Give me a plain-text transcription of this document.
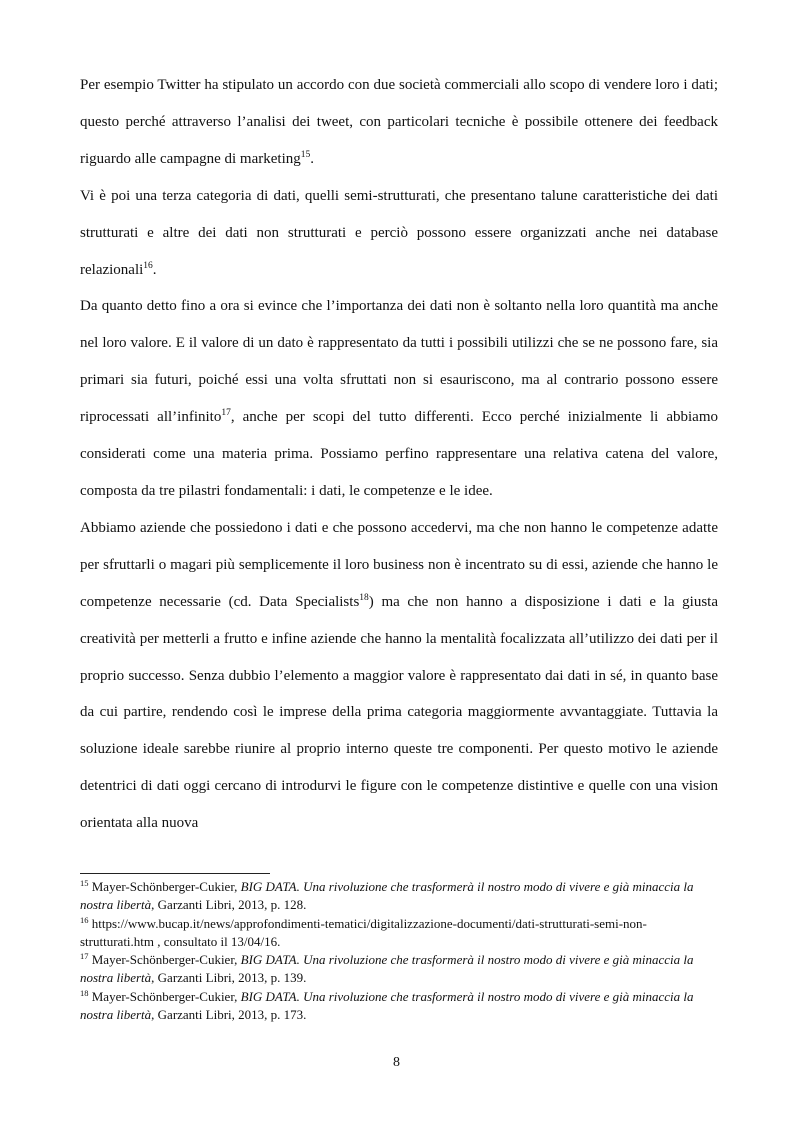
Per esempio Twitter ha stipulato un accordo con due società commerciali allo scopo di vendere loro i dati; questo perché attraverso l’analisi dei tweet, con particolari tecniche è possibile ottenere dei feedback riguardo alle campagne di marketing$^{15}$.

Vi è poi una terza categoria di dati, quelli semi-strutturati, che presentano talune caratteristiche dei dati strutturati e altre dei dati non strutturati e perciò possono essere organizzati anche nei database relazionali$^{16}$.

Da quanto detto fino a ora si evince che l’importanza dei dati non è soltanto nella loro quantità ma anche nel loro valore. E il valore di un dato è rappresentato da tutti i possibili utilizzi che se ne possono fare, sia primari sia futuri, poiché essi una volta sfruttati non si esauriscono, ma al contrario possono essere riprocessati all’infinito$^{17}$, anche per scopi del tutto differenti. Ecco perché inizialmente li abbiamo considerati come una materia prima. Possiamo perfino rappresentare una relativa catena del valore, composta da tre pilastri fondamentali: i dati, le competenze e le idee.

Abbiamo aziende che possiedono i dati e che possono accedervi, ma che non hanno le competenze adatte per sfruttarli o magari più semplicemente il loro business non è incentrato su di essi, aziende che hanno le competenze necessarie (cd. Data Specialists$^{18}$) ma che non hanno a disposizione i dati e la giusta creatività per metterli a frutto e infine aziende che hanno la mentalità focalizzata all’utilizzo dei dati per il proprio successo. Senza dubbio l’elemento a maggior valore è rappresentato dai dati in sé, in quanto base da cui partire, rendendo così le imprese della prima categoria maggiormente avvantaggiate. Tuttavia la soluzione ideale sarebbe riunire al proprio interno queste tre componenti. Per questo motivo le aziende detentrici di dati oggi cercano di introdurvi le figure con le competenze distintive e quelle con una vision orientata alla nuova

$^{15}$ Mayer-Schönberger-Cukier, BIG DATA. Una rivoluzione che trasformerà il nostro modo di vivere e già minaccia la nostra libertà, Garzanti Libri, 2013, p. 128.

$^{16}$ https://www.bucap.it/news/approfondimenti-tematici/digitalizzazione-documenti/dati-strutturati-semi-non-strutturati.htm , consultato il 13/04/16.

$^{17}$ Mayer-Schönberger-Cukier, BIG DATA. Una rivoluzione che trasformerà il nostro modo di vivere e già minaccia la nostra libertà, Garzanti Libri, 2013, p. 139.

$^{18}$ Mayer-Schönberger-Cukier, BIG DATA. Una rivoluzione che trasformerà il nostro modo di vivere e già minaccia la nostra libertà, Garzanti Libri, 2013, p. 173.

8
